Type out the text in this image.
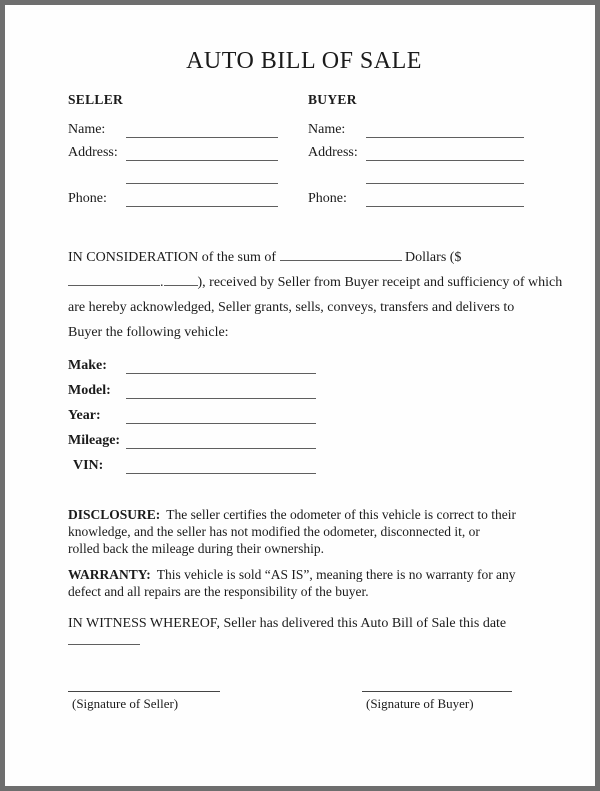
AUTO BILL OF SALE
SELLER
Name:
Address:
Phone:
BUYER
Name:
Address:
Phone:
IN CONSIDERATION of the sum of	Dollars ($
. ), received by Seller from Buyer receipt and sufficiency of which
are hereby acknowledged, Seller grants, sells, conveys, transfers and delivers to
Buyer the following vehicle:
Make:
Model:
Year:
Mileage:
VIN:
DISCLOSURE: The seller certifies the odometer of this vehicle is correct to their
knowledge, and the seller has not modified the odometer, disconnected it, or
rolled back the mileage during their ownership.
WARRANTY: This vehicle is sold “AS IS”, meaning there is no warranty for any
defect and all repairs are the responsibility of the buyer.
IN WITNESS WHEREOF, Seller has delivered this Auto Bill of Sale this date
(Signature of Seller)	(Signature of Buyer)
